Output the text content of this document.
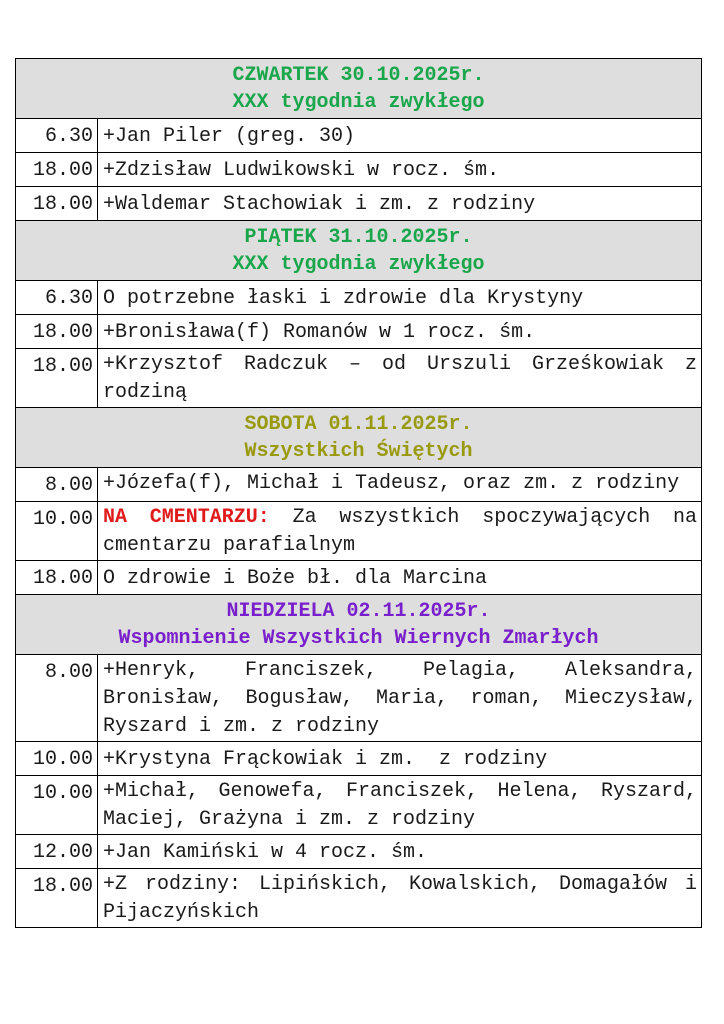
CZWARTEK 30.10.2025r.
XXX tygodnia zwykłego	

6.30	+Jan Piler (greg. 30)
18.00	+Zdzisław Ludwikowski w rocz. śm.
18.00	+Waldemar Stachowiak i zm. z rodziny

PIĄTEK 31.10.2025r.
XXX tygodnia zwykłego	

6.30	O potrzebne łaski i zdrowie dla Krystyny
18.00	+Bronisława(f) Romanów w 1 rocz. śm.
18.00	+Krzysztof Radczuk – od Urszuli Grześkowiak z rodziną

SOBOTA 01.11.2025r.
Wszystkich Świętych	

8.00	+Józefa(f), Michał i Tadeusz, oraz zm. z rodziny
10.00	NA CMENTARZU: Za wszystkich spoczywających na cmentarzu parafialnym
18.00	O zdrowie i Boże bł. dla Marcina

NIEDZIELA 02.11.2025r.
Wspomnienie Wszystkich Wiernych Zmarłych	

8.00	+Henryk, Franciszek, Pelagia, Aleksandra, Bronisław, Bogusław, Maria, roman, Mieczysław, Ryszard i zm. z rodziny
10.00	+Krystyna Frąckowiak i zm.  z rodziny
10.00	+Michał, Genowefa, Franciszek, Helena, Ryszard, Maciej, Grażyna i zm. z rodziny
12.00	+Jan Kamiński w 4 rocz. śm.
18.00	+Z rodziny: Lipińskich, Kowalskich, Domagałów i Pijaczyńskich
